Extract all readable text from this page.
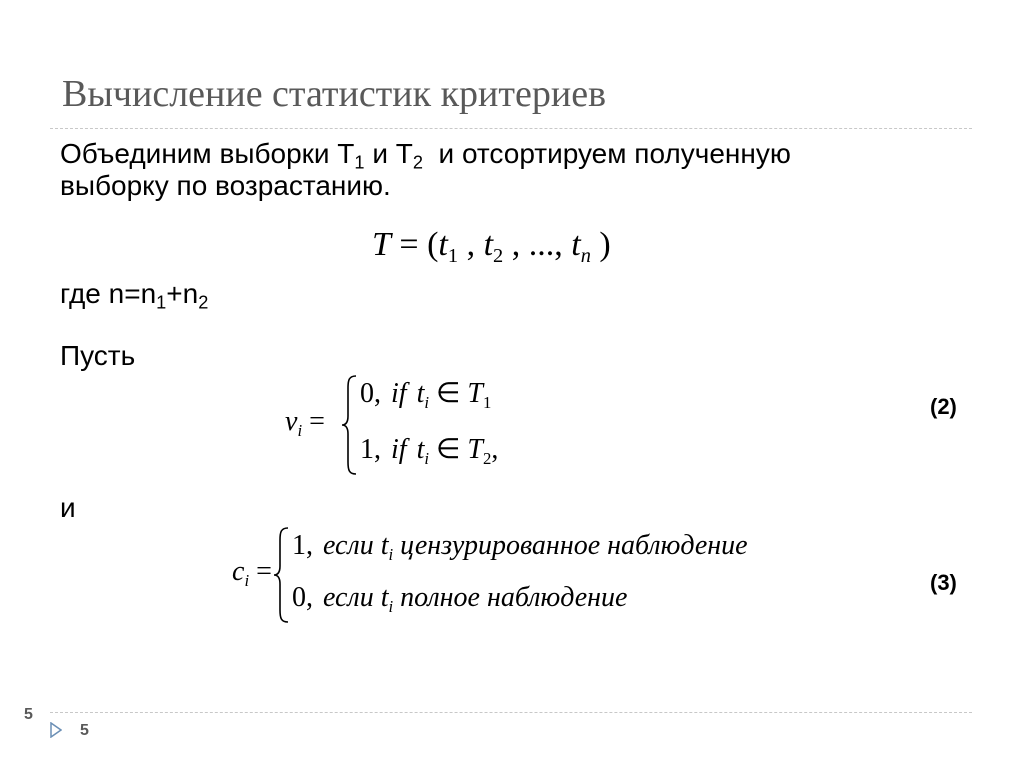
Вычисление статистик критериев
Объединим выборки $T_1$ и $T_2$  и отсортируем полученную
выборку по возрастанию.
$T = (t_1$ , $t_2$ , ..., $t_n$ )
где $n=n_1+n_2$
Пусть
$v_i$ =
0, if $t_i$ ∈ $T_1$
1, if $t_i$ ∈ $T_2$,
(2)
и
$c_i$ =
1, если $t_i$ цензурированное наблюдение
0, если $t_i$ полное наблюдение	(3)
5
5
